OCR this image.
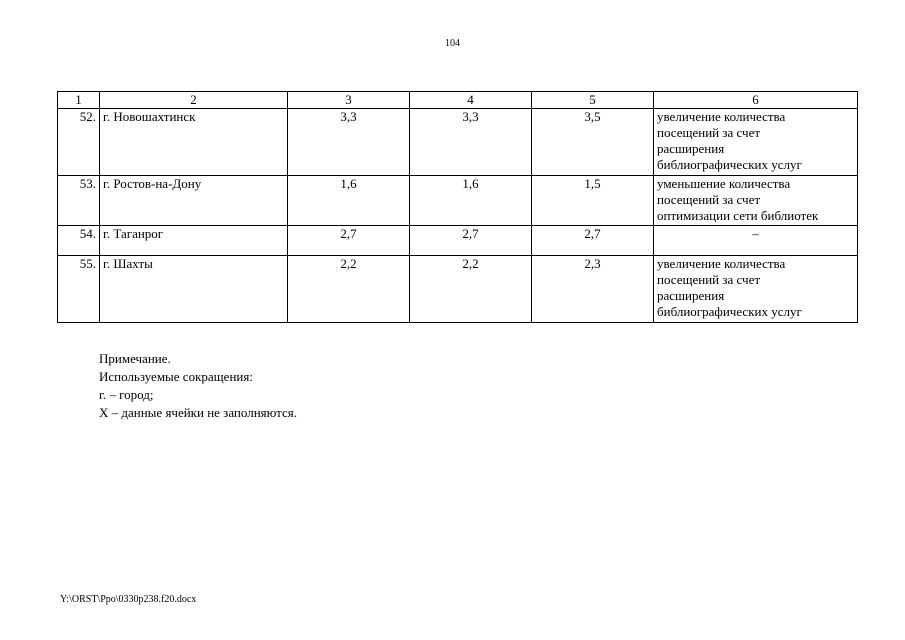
104
1	2	3	4	5	6
52.	г. Новошахтинск	3,3	3,3	3,5	увеличение количества
посещений за счет
расширения
библиографических услуг

53.	г. Ростов-на-Дону	1,6	1,6	1,5	уменьшение количества
посещений за счет
оптимизации сети библиотек

54.	г. Таганрог	2,7	2,7	2,7	–

55.	г. Шахты	2,2	2,2	2,3	увеличение количества
посещений за счет
расширения
библиографических услуг
Примечание.
Используемые сокращения:
г. – город;
Х – данные ячейки не заполняются.
Y:\ORST\Ppo\0330p238.f20.docx
